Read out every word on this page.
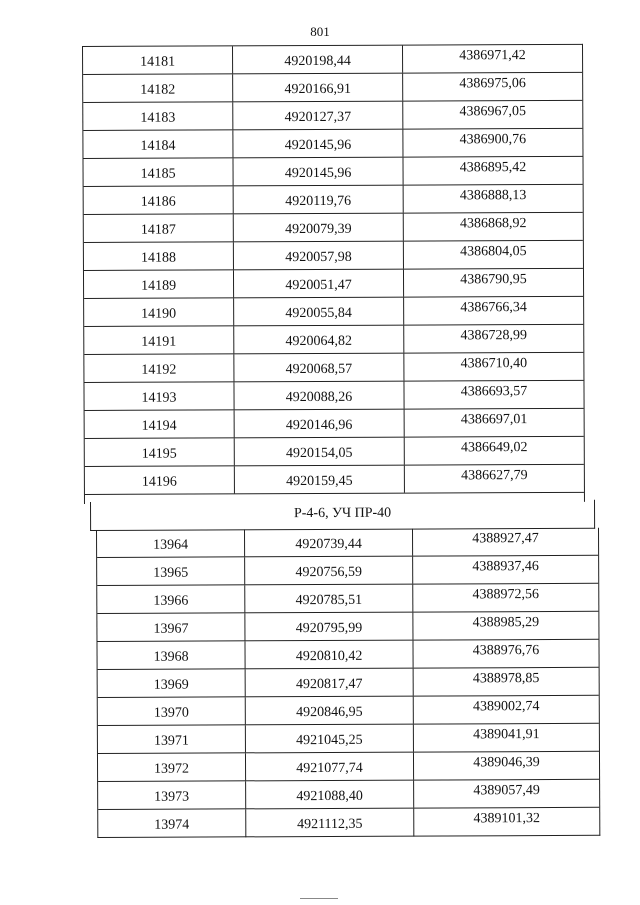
801
14181	4920198,44	4386971,42
14182	4920166,91	4386975,06
14183	4920127,37	4386967,05
14184	4920145,96	4386900,76
14185	4920145,96	4386895,42
14186	4920119,76	4386888,13
14187	4920079,39	4386868,92
14188	4920057,98	4386804,05
14189	4920051,47	4386790,95
14190	4920055,84	4386766,34
14191	4920064,82	4386728,99
14192	4920068,57	4386710,40
14193	4920088,26	4386693,57
14194	4920146,96	4386697,01
14195	4920154,05	4386649,02
14196	4920159,45	4386627,79
Р-4-6, УЧ ПР-40
13964	4920739,44	4388927,47
13965	4920756,59	4388937,46
13966	4920785,51	4388972,56
13967	4920795,99	4388985,29
13968	4920810,42	4388976,76
13969	4920817,47	4388978,85
13970	4920846,95	4389002,74
13971	4921045,25	4389041,91
13972	4921077,74	4389046,39
13973	4921088,40	4389057,49
13974	4921112,35	4389101,32
